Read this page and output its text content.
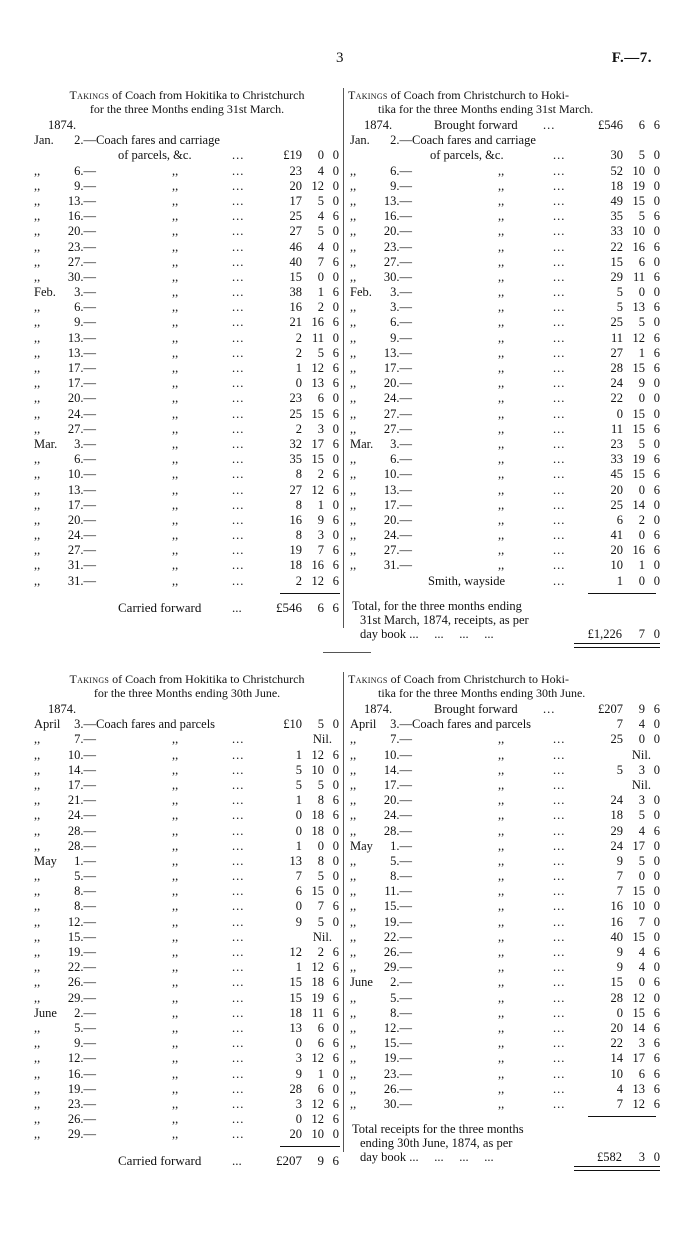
3	F.—7.
Takings of Coach from Hokitika to Christchurch
for the three Months ending 31st March.
1874.
Jan.	2.— Coach fares and carriage
of parcels, &c.	...	£19	0 0
,,	6.—	,,	...	23	4 0
,,	9.—	,,	...	20 12 0
,, 13.—	,,	...	17	5 0
,, 16.—	,,	...	25	4 6
,, 20.—	,,	...	27	5 0
,, 23.—	,,	...	46	4 0
,, 27.—	,,	...	40	7 6
,, 30.—	,,	...	15	0 0
Feb.	3.—	,,	...	38	1 6
,,	6.—	,,	...	16	2 0
,,	9.—	,,	...	21 16 6
,, 13.—	,,	...	2 11 0
,, 13.—	,,	...	2	5 6
,, 17.—	,,	...	1 12 6
,, 17.—	,,	...	0 13 6
,, 20.—	,,	...	23	6 0
,, 24.—	,,	...	25 15 6
,, 27.—	,,	...	2	3 0
Mar.	3.—	,,	...	32 17 6
,,	6.—	,,	...	35 15 0
,, 10.—	,,	...	8	2 6
,, 13.—	,,	...	27 12 6
,, 17.—	,,	...	8	1 0
,, 20.—	,,	...	16	9 6
,, 24.—	,,	...	8	3 0
,, 27.—	,,	...	19	7 6
,, 31.—	,,	...	18 16 6
,, 31.—	,,	...	2 12 6
Carried forward ...	£546	6 6
Takings of Coach from Christchurch to Hoki-
tika for the three Months ending 31st March.
1874.	Brought forward ...	£546	6 6
Jan.	2.— Coach fares and carriage
of parcels, &c.	...	30	5 0
,,	6.—	,,	...	52 10 0
,,	9.—	,,	...	18 19 0
,, 13.—	,,	...	49 15 0
,, 16.—	,,	...	35	5 6
,, 20.—	,,	...	33 10 0
,, 23.—	,,	...	22 16 6
,, 27.—	,,	...	15	6 0
,, 30.—	,,	...	29 11 6
Feb.	3.—	,,	...	5	0 0
,,	3.—	,,	...	5 13 6
,,	6.—	,,	...	25	5 0
,,	9.—	,,	...	11 12 6
,, 13.—	,,	...	27	1 6
,, 17.—	,,	...	28 15 6
,, 20.—	,,	...	24	9 0
,, 24.—	,,	...	22	0 0
,, 27.—	,,	...	0 15 0
,, 27.—	,,	...	11 15 6
Mar.	3.—	,,	...	23	5 0
,,	6.—	,,	...	33 19 6
,, 10.—	,,	...	45 15 6
,, 13.—	,,	...	20	0 6
,, 17.—	,,	...	25 14 0
,, 20.—	,,	...	6	2 0
,, 24.—	,,	...	41	0 6
,, 27.—	,,	...	20 16 6
,, 31.—	,,	...	10	1 0
Smith, wayside	...	1	0 0
Total, for the three months ending
31st March, 1874, receipts, as per
day book ...     ...     ...     ...	£1,226	7 0
Takings of Coach from Hokitika to Christchurch
for the three Months ending 30th June.
1874.
April	3.— Coach fares and parcels	£10	5 0
,,	7.—	,,	...	Nil.
,, 10.—	,,	...	1 12 6
,, 14.—	,,	...	5 10 0
,, 17.—	,,	...	5	5 0
,, 21.—	,,	...	1	8 6
,, 24.—	,,	...	0 18 6
,, 28.—	,,	...	0 18 0
,, 28.—	,,	...	1	0 0
May	1.—	,,	...	13	8 0
,,	5.—	,,	...	7	5 0
,,	8.—	,,	...	6 15 0
,,	8.—	,,	...	0	7 6
,, 12.—	,,	...	9	5 0
,, 15.—	,,	...	Nil.
,, 19.—	,,	...	12	2 6
,, 22.—	,,	...	1 12 6
,, 26.—	,,	...	15 18 6
,, 29.—	,,	...	15 19 6
June	2.—	,,	...	18 11 6
,,	5.—	,,	...	13	6 0
,,	9.—	,,	...	0	6 6
,, 12.—	,,	...	3 12 6
,, 16.—	,,	...	9	1 0
,, 19.—	,,	...	28	6 0
,, 23.—	,,	...	3 12 6
,, 26.—	,,	...	0 12 6
,, 29.—	,,	...	20 10 0
Carried forward ...	£207	9 6
Takings of Coach from Christchurch to Hoki-
tika for the three Months ending 30th June.
1874.	Brought forward ...	£207	9 6
April	3.— Coach fares and parcels	7	4 0
,,	7.—	,,	...	25	0 0
,, 10.—	,,	...	Nil.
,, 14.—	,,	...	5	3 0
,, 17.—	,,	...	Nil.
,, 20.—	,,	...	24	3 0
,, 24.—	,,	...	18	5 0
,, 28.—	,,	...	29	4 6
May	1.—	,,	...	24 17 0
,,	5.—	,,	...	9	5 0
,,	8.—	,,	...	7	0 0
,, 11.—	,,	...	7 15 0
,, 15.—	,,	...	16 10 0
,, 19.—	,,	...	16	7 0
,, 22.—	,,	...	40 15 0
,, 26.—	,,	...	9	4 6
,, 29.—	,,	...	9	4 0
June	2.—	,,	...	15	0 6
,,	5.—	,,	...	28 12 0
,,	8.—	,,	...	0 15 6
,, 12.—	,,	...	20 14 6
,, 15.—	,,	...	22	3 6
,, 19.—	,,	...	14 17 6
,, 23.—	,,	...	10	6 6
,, 26.—	,,	...	4 13 6
,, 30.—	,,	...	7 12 6
Total receipts for the three months
ending 30th June, 1874, as per
day book ...     ...     ...     ...	£582	3 0
